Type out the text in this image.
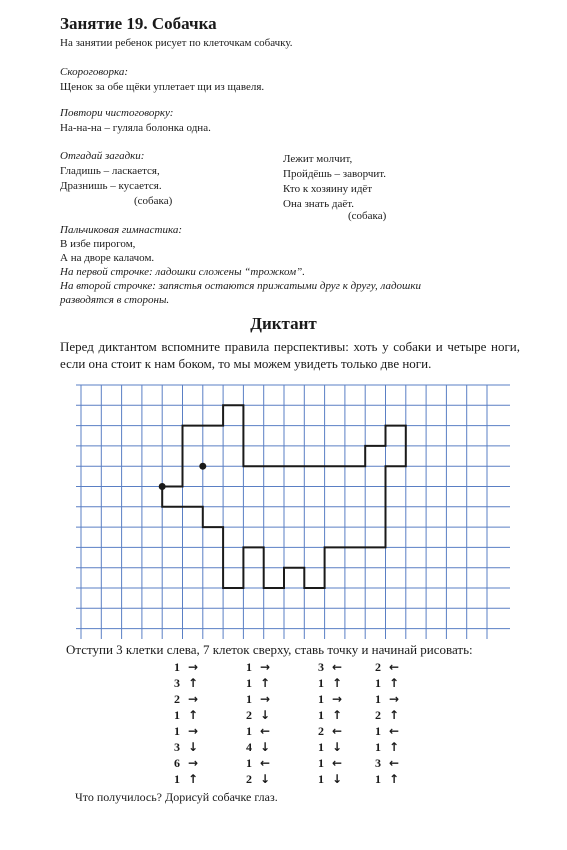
Занятие 19. Собачка
На занятии ребенок рисует по клеточкам собачку.
Скороговорка:
Щенок за обе щёки уплетает щи из щавеля.
Повтори чистоговорку:
На-на-на – гуляла болонка одна.
Отгадай загадки:
Гладишь – ласкается,
Дразнишь – кусается.
(собака)
Лежит молчит,
Пройдёшь – заворчит.
Кто к хозяину идёт
Она знать даёт.
(собака)
Пальчиковая гимнастика:
В избе пирогом,
А на дворе калачом.
На первой строчке: ладошки сложены “трожком”.
На второй строчке: запястья остаются прижатыми друг к другу, ладошки
разводятся в стороны.
Диктант
Перед диктантом вспомните правила перспективы: хоть у собаки и четыре ноги, если она стоит к нам боком, то мы можем увидеть только две ноги.
Отступи 3 клетки слева, 7 клеток сверху, ставь точку и начинай рисовать:
1 →
3 ↑
2 →
1 ↑
1 →
3 ↓
6 →
1 ↑
1 →
1 ↑
1 →
2 ↓
1 ←
4 ↓
1 ←
2 ↓
3 ←
1 ↑
1 →
1 ↑
2 ←
1 ↓
1 ←
1 ↓
2 ←
1 ↑
1 →
2 ↑
1 ←
1 ↑
3 ←
1 ↑
Что получилось? Дорисуй собачке глаз.
